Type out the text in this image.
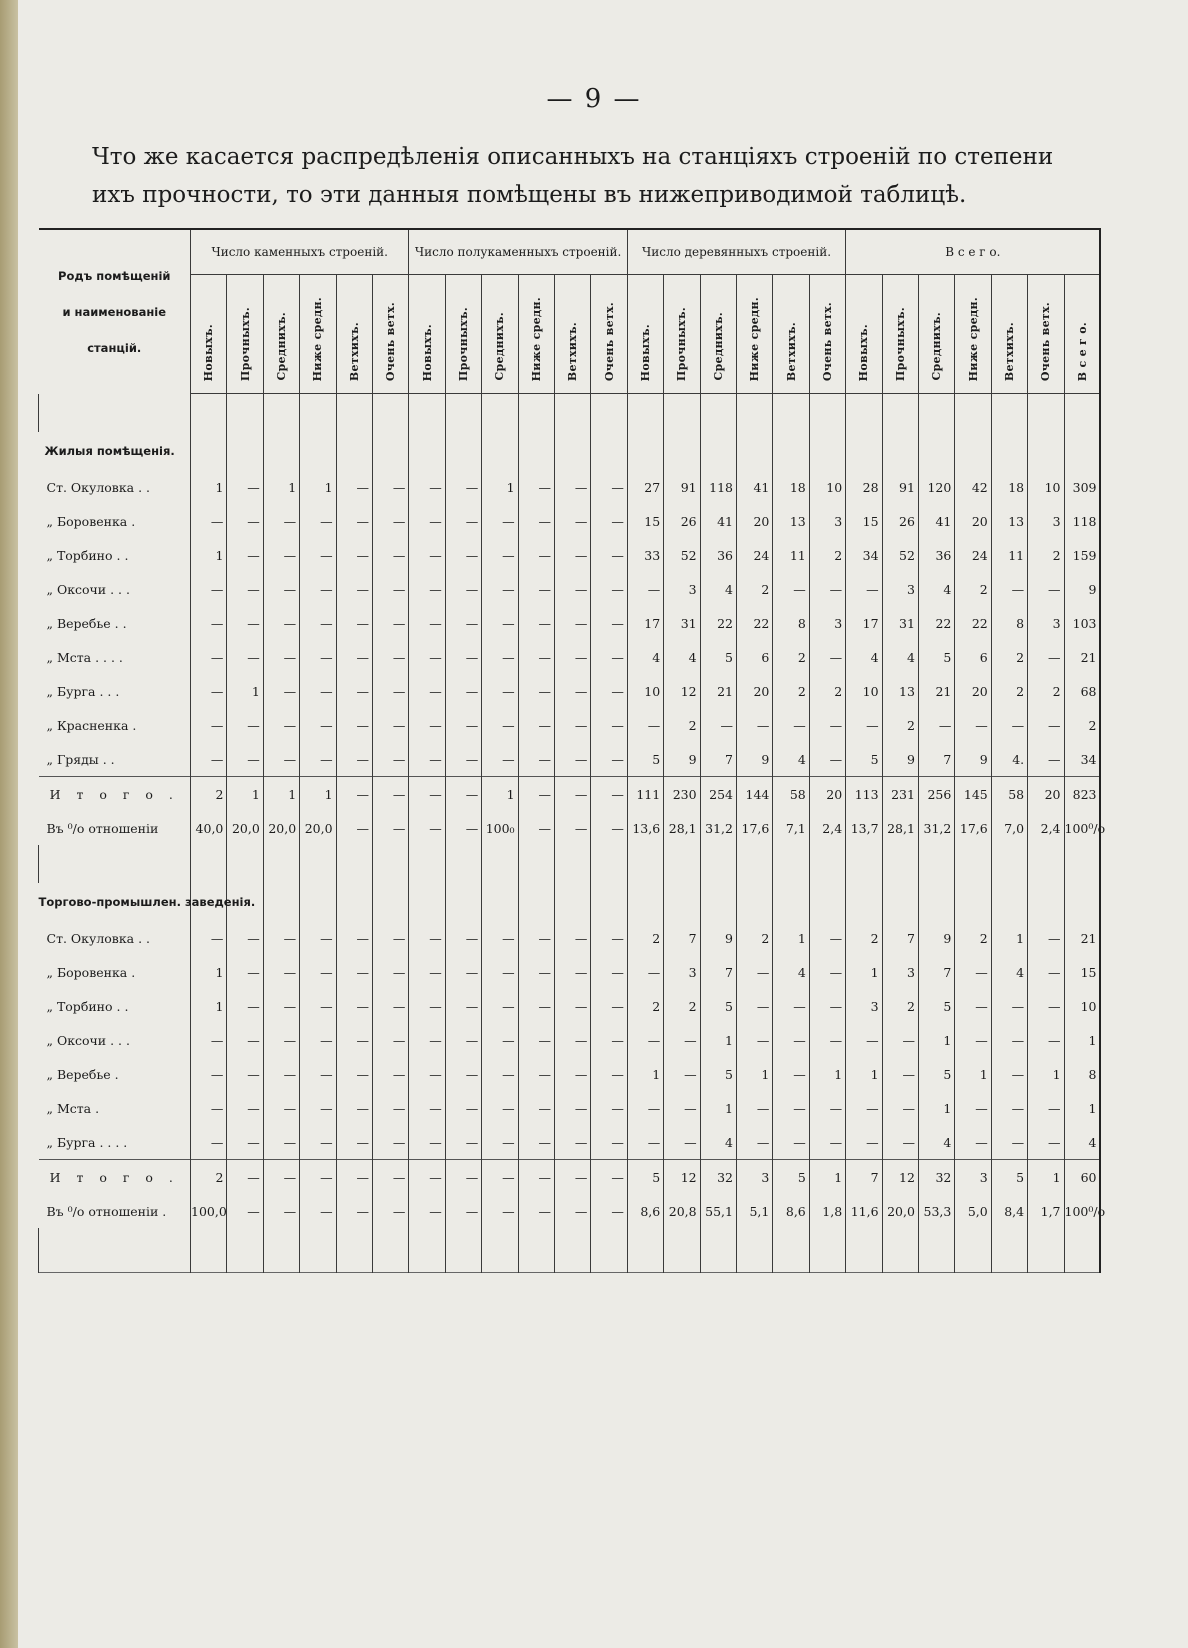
— 9 —
Что же касается распредѣленія описанныхъ на станціяхъ строеній по степени ихъ прочности, то эти данныя помѣщены въ нижеприводимой таблицѣ.
Родъ помѣщеній
и наименованіе
станцій.	Число каменныхъ строеній.						Число полукаменныхъ строеній.						Число деревянныхъ строеній.						В с е г о.						
	Новыхъ.	Прочныхъ.	Среднихъ.	Ниже средн.	Ветхихъ.	Очень ветх.	Новыхъ.	Прочныхъ.	Среднихъ.	Ниже средн.	Ветхихъ.	Очень ветх.	Новыхъ.	Прочныхъ.	Среднихъ.	Ниже средн.	Ветхихъ.	Очень ветх.	Новыхъ.	Прочныхъ.	Среднихъ.	Ниже средн.	Ветхихъ.	Очень ветх.	В с е г о.

Жилыя помѣщенія.																									
Ст. Окуловка . .	1	—	1	1	—	—	—	—	1	—	—	—	27	91	118	41	18	10	28	91	120	42	18	10	309
„ Боровенка .	—	—	—	—	—	—	—	—	—	—	—	—	15	26	41	20	13	3	15	26	41	20	13	3	118
„ Торбино . .	1	—	—	—	—	—	—	—	—	—	—	—	33	52	36	24	11	2	34	52	36	24	11	2	159
„ Оксочи . . .	—	—	—	—	—	—	—	—	—	—	—	—	—	3	4	2	—	—	—	3	4	2	—	—	9
„ Веребье . .	—	—	—	—	—	—	—	—	—	—	—	—	17	31	22	22	8	3	17	31	22	22	8	3	103
„ Мста . . . .	—	—	—	—	—	—	—	—	—	—	—	—	4	4	5	6	2	—	4	4	5	6	2	—	21
„ Бурга . . .	—	1	—	—	—	—	—	—	—	—	—	—	10	12	21	20	2	2	10	13	21	20	2	2	68
„ Красненка .	—	—	—	—	—	—	—	—	—	—	—	—	—	2	—	—	—	—	—	2	—	—	—	—	2
„ Гряды . .	—	—	—	—	—	—	—	—	—	—	—	—	5	9	7	9	4	—	5	9	7	9	4.	—	34
И т о г о .	2	1	1	1	—	—	—	—	1	—	—	—	111	230	254	144	58	20	113	231	256	145	58	20	823
Въ ⁰/о отношеніи	40,0	20,0	20,0	20,0	—	—	—	—	100₀	—	—	—	13,6	28,1	31,2	17,6	7,1	2,4	13,7	28,1	31,2	17,6	7,0	2,4	100⁰/о

Торгово-промышлен. заведенія.																									
Ст. Окуловка . .	—	—	—	—	—	—	—	—	—	—	—	—	2	7	9	2	1	—	2	7	9	2	1	—	21
„ Боровенка .	1	—	—	—	—	—	—	—	—	—	—	—	—	3	7	—	4	—	1	3	7	—	4	—	15
„ Торбино . .	1	—	—	—	—	—	—	—	—	—	—	—	2	2	5	—	—	—	3	2	5	—	—	—	10
„ Оксочи . . .	—	—	—	—	—	—	—	—	—	—	—	—	—	—	1	—	—	—	—	—	1	—	—	—	1
„ Веребье .	—	—	—	—	—	—	—	—	—	—	—	—	1	—	5	1	—	1	1	—	5	1	—	1	8
„ Мста .	—	—	—	—	—	—	—	—	—	—	—	—	—	—	1	—	—	—	—	—	1	—	—	—	1
„ Бурга . . . .	—	—	—	—	—	—	—	—	—	—	—	—	—	—	4	—	—	—	—	—	4	—	—	—	4
И т о г о .	2	—	—	—	—	—	—	—	—	—	—	—	5	12	32	3	5	1	7	12	32	3	5	1	60
Въ ⁰/о отношеніи .	100,0	—	—	—	—	—	—	—	—	—	—	—	8,6	20,8	55,1	5,1	8,6	1,8	11,6	20,0	53,3	5,0	8,4	1,7	100⁰/о
